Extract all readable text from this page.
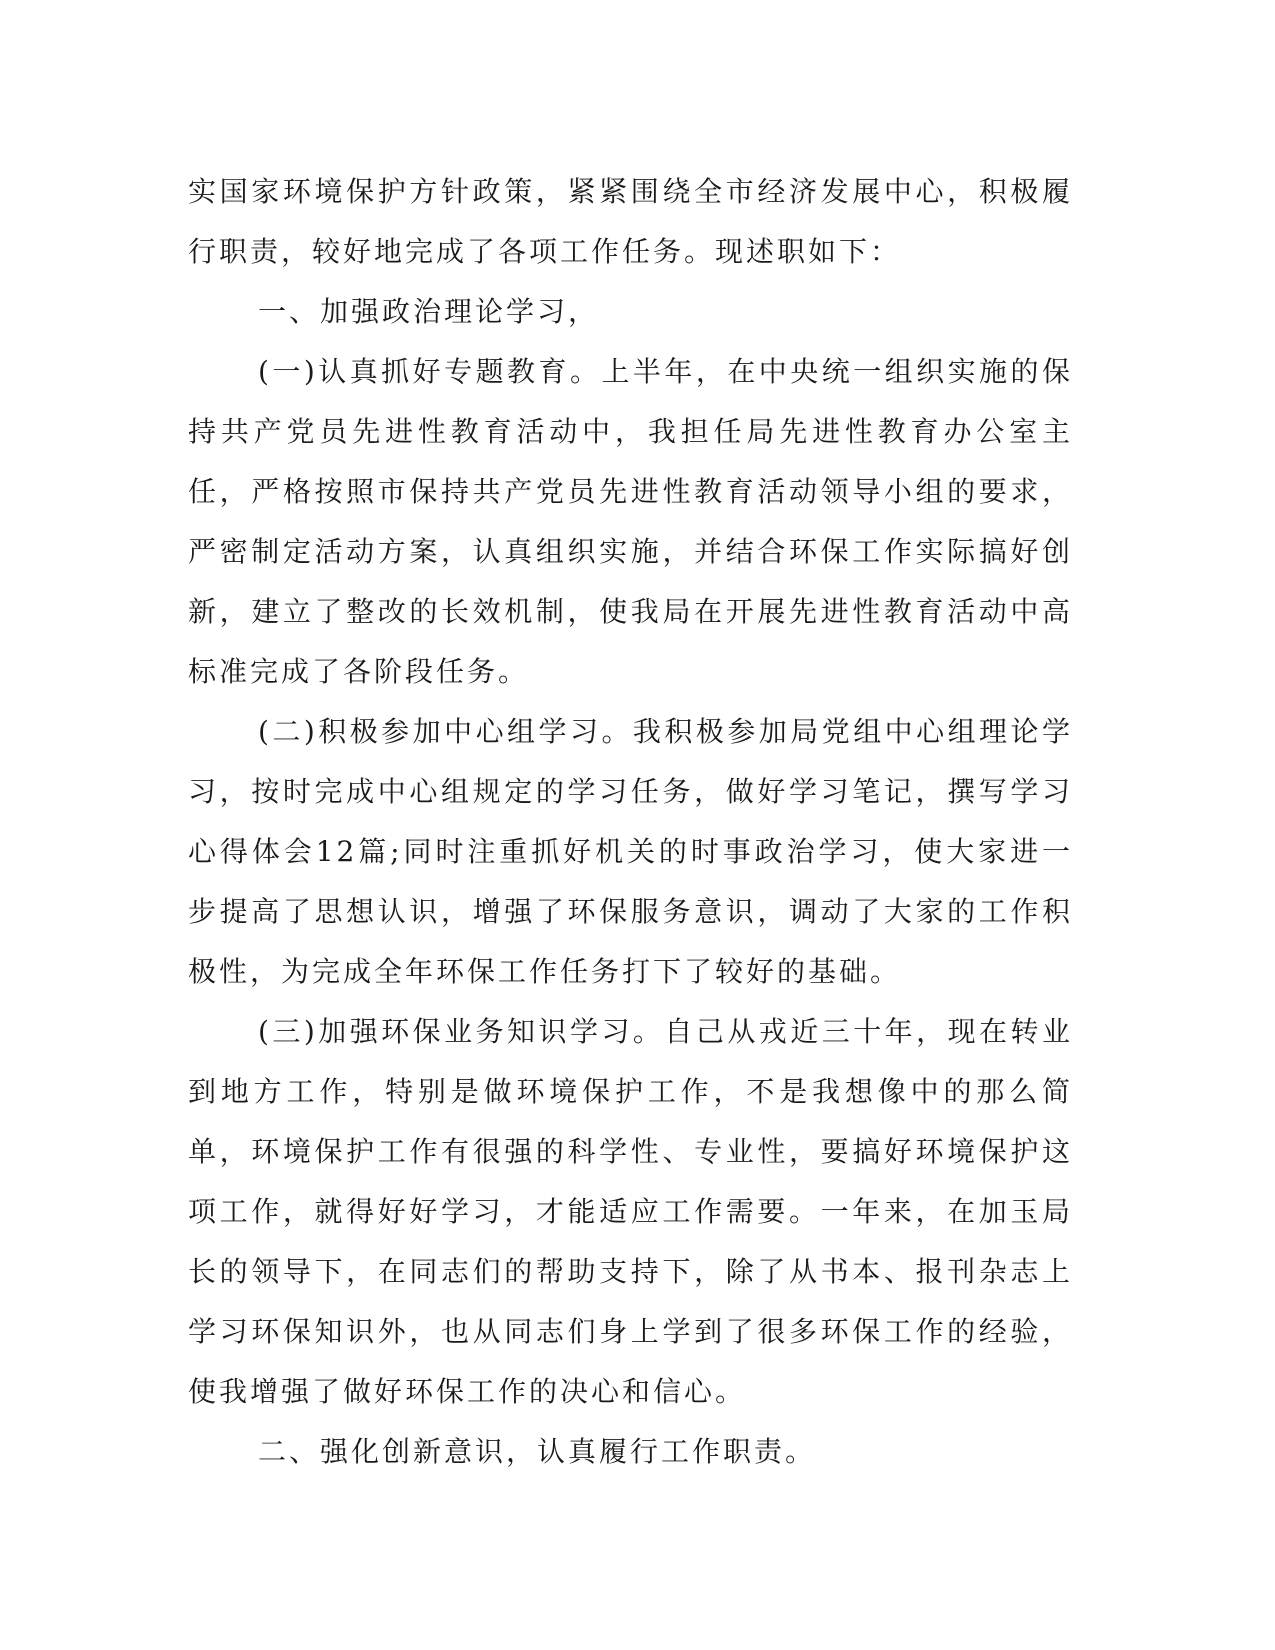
实国家环境保护方针政策，紧紧围绕全市经济发展中心，积极履行职责，较好地完成了各项工作任务。现述职如下：

一、加强政治理论学习，

(一)认真抓好专题教育。上半年，在中央统一组织实施的保持共产党员先进性教育活动中，我担任局先进性教育办公室主任，严格按照市保持共产党员先进性教育活动领导小组的要求，严密制定活动方案，认真组织实施，并结合环保工作实际搞好创新，建立了整改的长效机制，使我局在开展先进性教育活动中高标准完成了各阶段任务。

(二)积极参加中心组学习。我积极参加局党组中心组理论学习，按时完成中心组规定的学习任务，做好学习笔记，撰写学习心得体会12篇;同时注重抓好机关的时事政治学习，使大家进一步提高了思想认识，增强了环保服务意识，调动了大家的工作积极性，为完成全年环保工作任务打下了较好的基础。

(三)加强环保业务知识学习。自己从戎近三十年，现在转业到地方工作，特别是做环境保护工作，不是我想像中的那么简单，环境保护工作有很强的科学性、专业性，要搞好环境保护这项工作，就得好好学习，才能适应工作需要。一年来，在加玉局长的领导下，在同志们的帮助支持下，除了从书本、报刊杂志上学习环保知识外，也从同志们身上学到了很多环保工作的经验，使我增强了做好环保工作的决心和信心。

二、强化创新意识，认真履行工作职责。
